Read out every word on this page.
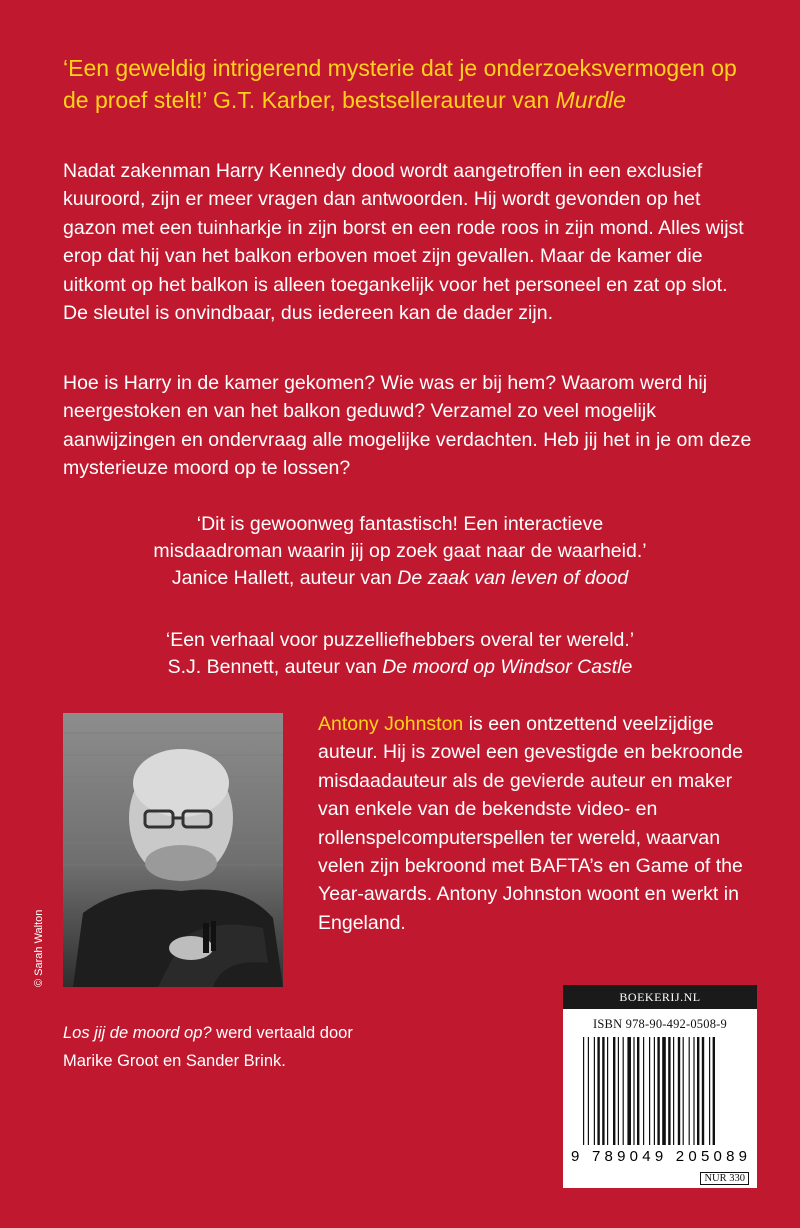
‘Een geweldig intrigerend mysterie dat je onderzoeksvermogen op de proef stelt!’ G.T. Karber, bestsellerauteur van Murdle

Nadat zakenman Harry Kennedy dood wordt aangetroffen in een exclusief kuuroord, zijn er meer vragen dan antwoorden. Hij wordt gevonden op het gazon met een tuinharkje in zijn borst en een rode roos in zijn mond. Alles wijst erop dat hij van het balkon erboven moet zijn gevallen. Maar de kamer die uitkomt op het balkon is alleen toegankelijk voor het personeel en zat op slot. De sleutel is onvindbaar, dus iedereen kan de dader zijn.

Hoe is Harry in de kamer gekomen? Wie was er bij hem? Waarom werd hij neergestoken en van het balkon geduwd? Verzamel zo veel mogelijk aanwijzingen en ondervraag alle mogelijke verdachten. Heb jij het in je om deze mysterieuze moord op te lossen?

‘Dit is gewoonweg fantastisch! Een interactieve
misdaadroman waarin jij op zoek gaat naar de waarheid.’
Janice Hallett, auteur van De zaak van leven of dood

‘Een verhaal voor puzzelliefhebbers overal ter wereld.’
S.J. Bennett, auteur van De moord op Windsor Castle

© Sarah Walton

Antony Johnston is een ontzettend veelzijdige auteur. Hij is zowel een gevestigde en bekroonde misdaadauteur als de gevierde auteur en maker van enkele van de bekendste video- en rollenspelcomputerspellen ter wereld, waarvan velen zijn bekroond met BAFTA’s en Game of the Year-awards. Antony Johnston woont en werkt in Engeland.

Los jij de moord op? werd vertaald door
Marike Groot en Sander Brink.

BOEKERIJ.NL
ISBN 978-90-492-0508-9
9 789049 205089
NUR 330
